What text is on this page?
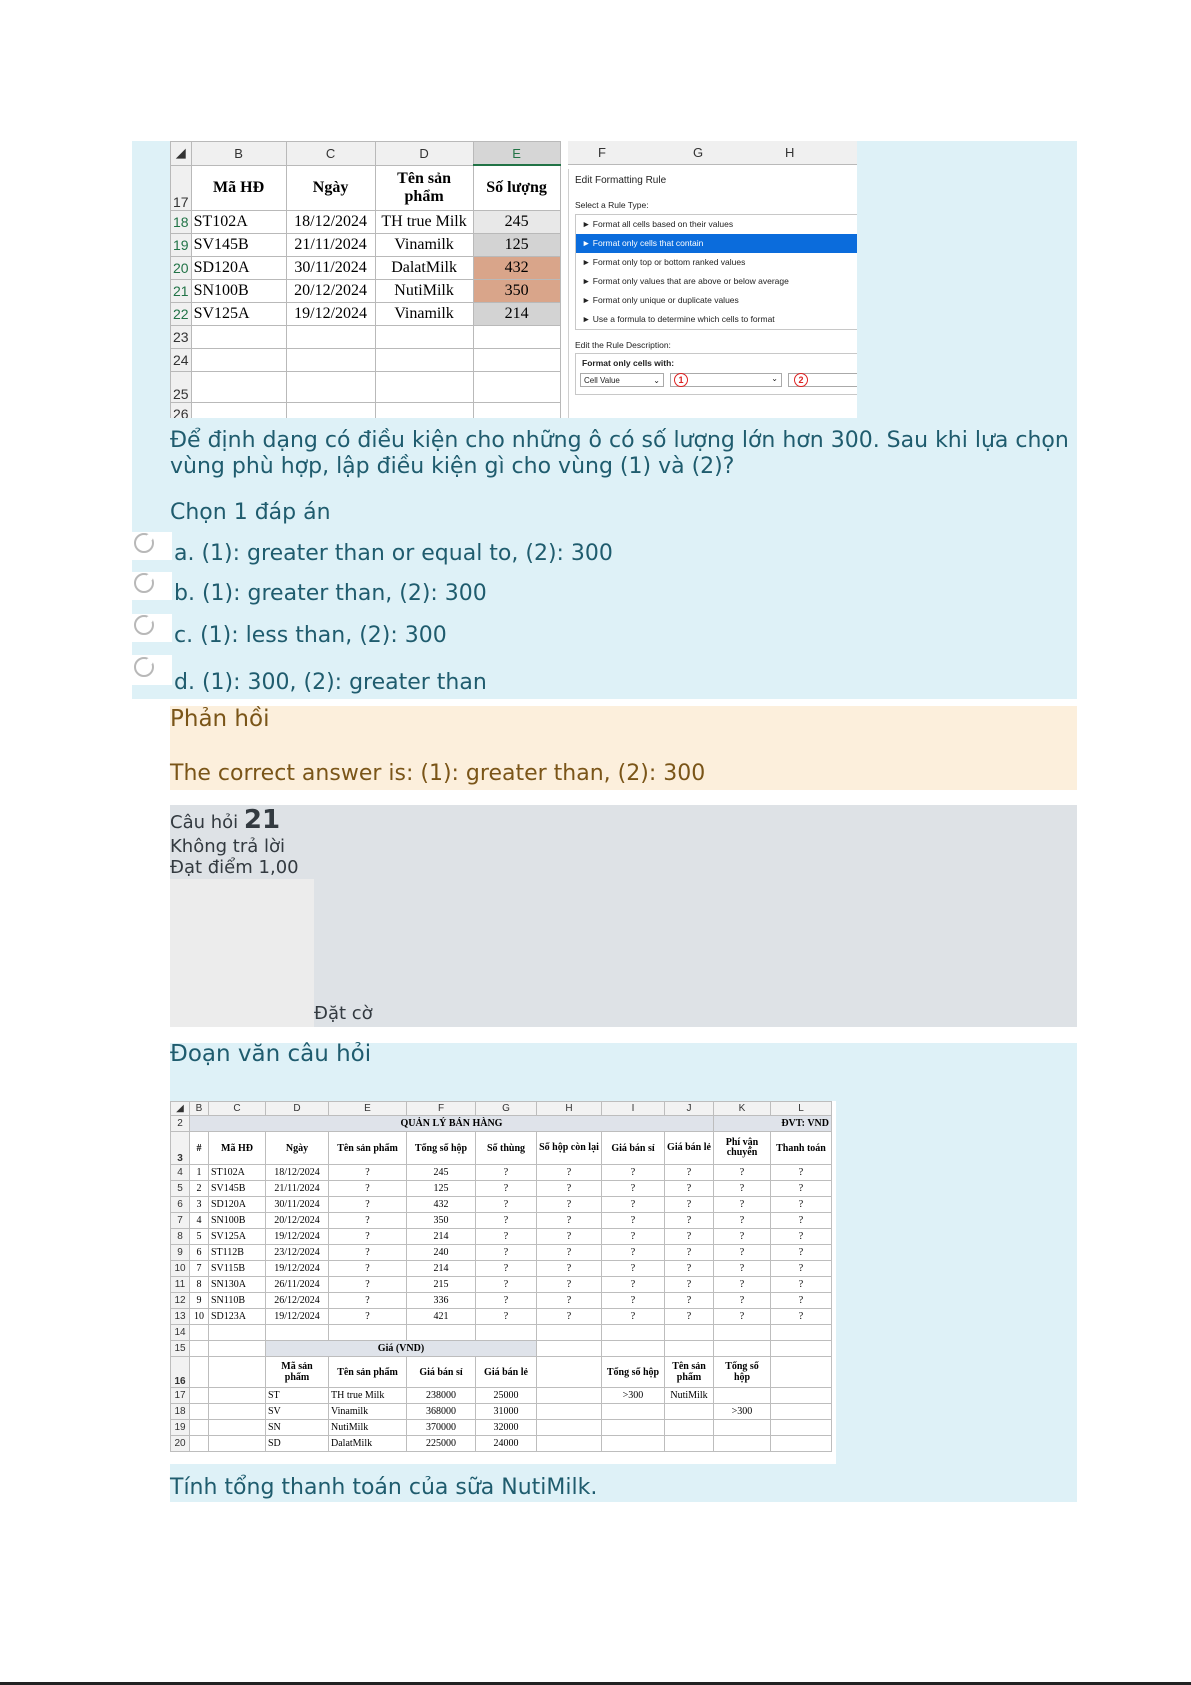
◢	B	C	D	E
17	Mã HĐ	Ngày	Tên sản phẩm	Số lượng
18	ST102A	18/12/2024	TH true Milk	245
19	SV145B	21/11/2024	Vinamilk	125
20	SD120A	30/11/2024	DalatMilk	432
21	SN100B	20/12/2024	NutiMilk	350
22	SV125A	19/12/2024	Vinamilk	214
23				
24				
25				
26				
F	G	H
Edit Formatting Rule
Select a Rule Type:
► Format all cells based on their values
► Format only cells that contain
► Format only top or bottom ranked values
► Format only values that are above or below average
► Format only unique or duplicate values
► Use a formula to determine which cells to format
Edit the Rule Description:
Format only cells with:
Cell Value	⌄	1	⌄	2
Để định dạng có điều kiện cho những ô có số lượng lớn hơn 300. Sau khi lựa chọn vùng phù hợp, lập điều kiện gì cho vùng (1) và (2)?
Chọn 1 đáp án
a. (1): greater than or equal to, (2): 300
b. (1): greater than, (2): 300
c. (1): less than, (2): 300
d. (1): 300, (2): greater than
Phản hồi
The correct answer is: (1): greater than, (2): 300
Câu hỏi 21
Không trả lời
Đạt điểm 1,00
Đặt cờ
Đoạn văn câu hỏi
◢	B	C	D	E	F	G	H	I	J	K	L
2	QUẢN LÝ BÁN HÀNG									ĐVT: VND	
3	#	Mã HĐ	Ngày	Tên sản phẩm	Tổng số hộp	Số thùng	Số hộp còn lại	Giá bán sỉ	Giá bán lẻ	Phí vận chuyển	Thanh toán
4	1	ST102A	18/12/2024	?	245	?	?	?	?	?	?
5	2	SV145B	21/11/2024	?	125	?	?	?	?	?	?
6	3	SD120A	30/11/2024	?	432	?	?	?	?	?	?
7	4	SN100B	20/12/2024	?	350	?	?	?	?	?	?
8	5	SV125A	19/12/2024	?	214	?	?	?	?	?	?
9	6	ST112B	23/12/2024	?	240	?	?	?	?	?	?
10	7	SV115B	19/12/2024	?	214	?	?	?	?	?	?
11	8	SN130A	26/11/2024	?	215	?	?	?	?	?	?
12	9	SN110B	26/12/2024	?	336	?	?	?	?	?	?
13	10	SD123A	19/12/2024	?	421	?	?	?	?	?	?
14											
15			Giá (VND)								
16			Mã sản phẩm	Tên sản phẩm	Giá bán sỉ	Giá bán lẻ		Tổng số hộp	Tên sản phẩm	Tổng số hộp	
17			ST	TH true Milk	238000	25000		>300	NutiMilk		
18			SV	Vinamilk	368000	31000				>300	
19			SN	NutiMilk	370000	32000					
20			SD	DalatMilk	225000	24000					
Tính tổng thanh toán của sữa NutiMilk.
